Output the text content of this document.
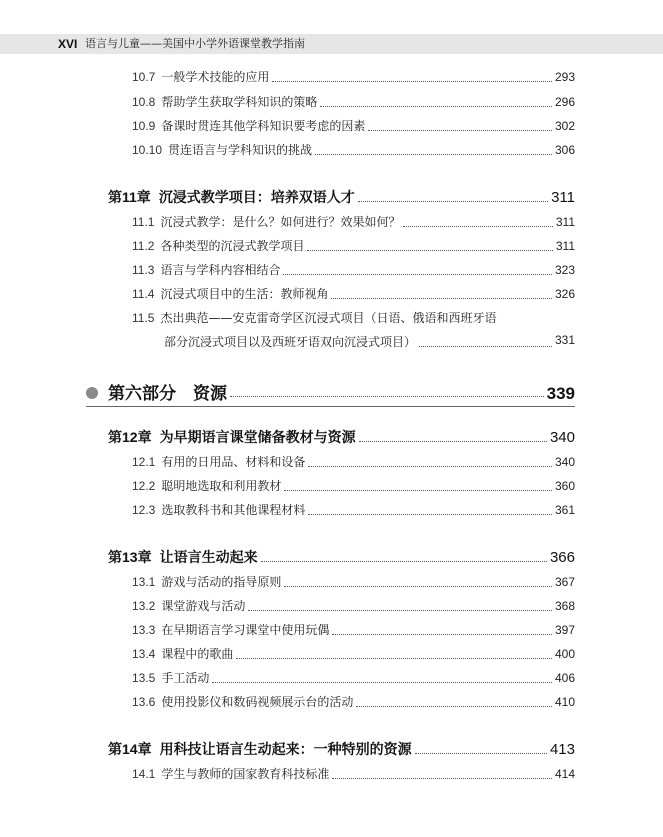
XVI 语言与儿童——美国中小学外语课堂教学指南
10.7 一般学术技能的应用	293
10.8 帮助学生获取学科知识的策略	296
10.9 备课时贯连其他学科知识要考虑的因素	302
10.10 贯连语言与学科知识的挑战	306
第11章 沉浸式教学项目：培养双语人才	311
11.1 沉浸式教学：是什么？如何进行？效果如何？	311
11.2 各种类型的沉浸式教学项目	311
11.3 语言与学科内容相结合	323
11.4 沉浸式项目中的生活：教师视角	326
11.5 杰出典范——安克雷奇学区沉浸式项目（日语、俄语和西班牙语
部分沉浸式项目以及西班牙语双向沉浸式项目）	331
第六部分　资源	339
第12章 为早期语言课堂储备教材与资源	340
12.1 有用的日用品、材料和设备	340
12.2 聪明地选取和利用教材	360
12.3 选取教科书和其他课程材料	361
第13章 让语言生动起来	366
13.1 游戏与活动的指导原则	367
13.2 课堂游戏与活动	368
13.3 在早期语言学习课堂中使用玩偶	397
13.4 课程中的歌曲	400
13.5 手工活动	406
13.6 使用投影仪和数码视频展示台的活动	410
第14章 用科技让语言生动起来：一种特别的资源	413
14.1 学生与教师的国家教育科技标准	414
